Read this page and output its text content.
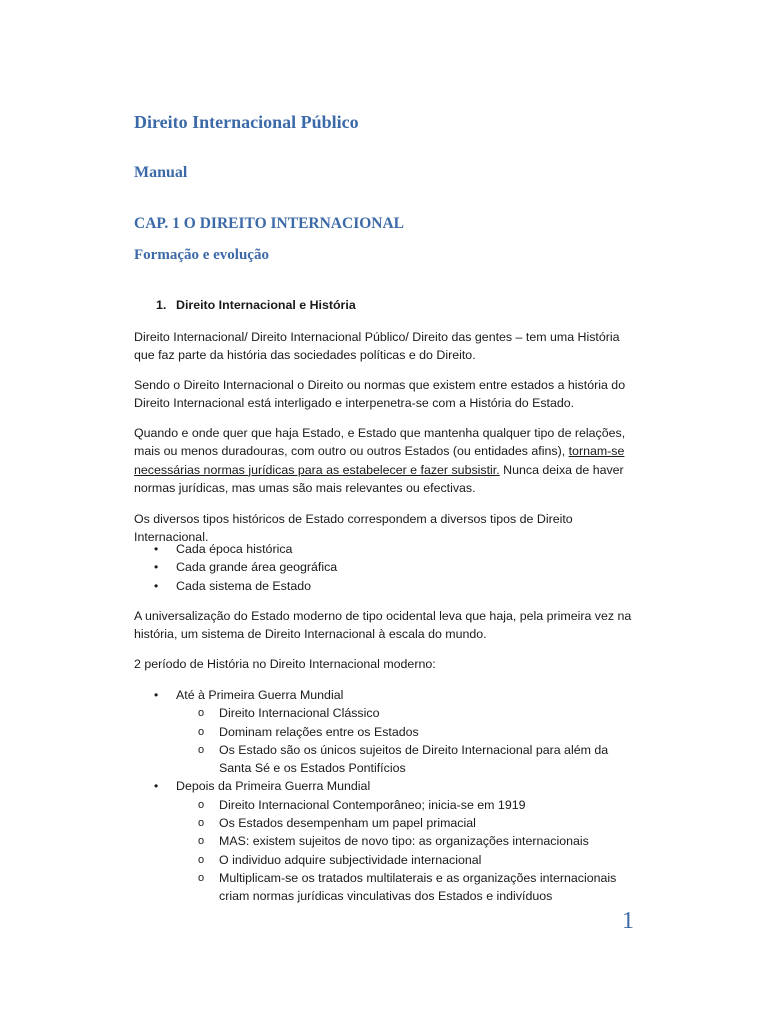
Direito Internacional Público
Manual
CAP. 1 O DIREITO INTERNACIONAL
Formação e evolução
1. Direito Internacional e História

Direito Internacional/ Direito Internacional Público/ Direito das gentes – tem uma História que faz parte da história das sociedades políticas e do Direito.

Sendo o Direito Internacional o Direito ou normas que existem entre estados a história do Direito Internacional está interligado e interpenetra-se com a História do Estado.

Quando e onde quer que haja Estado, e Estado que mantenha qualquer tipo de relações, mais ou menos duradouras, com outro ou outros Estados (ou entidades afins), tornam-se necessárias normas jurídicas para as estabelecer e fazer subsistir. Nunca deixa de haver normas jurídicas, mas umas são mais relevantes ou efectivas.

Os diversos tipos históricos de Estado correspondem a diversos tipos de Direito Internacional.

• Cada época histórica
• Cada grande área geográfica
• Cada sistema de Estado

A universalização do Estado moderno de tipo ocidental leva que haja, pela primeira vez na história, um sistema de Direito Internacional à escala do mundo.

2 período de História no Direito Internacional moderno:

• Até à Primeira Guerra Mundial
o Direito Internacional Clássico
o Dominam relações entre os Estados
o Os Estado são os únicos sujeitos de Direito Internacional para além da Santa Sé e os Estados Pontifícios
• Depois da Primeira Guerra Mundial
o Direito Internacional Contemporâneo; inicia-se em 1919
o Os Estados desempenham um papel primacial
o MAS: existem sujeitos de novo tipo: as organizações internacionais
o O individuo adquire subjectividade internacional
o Multiplicam-se os tratados multilaterais e as organizações internacionais criam normas jurídicas vinculativas dos Estados e indivíduos
1
